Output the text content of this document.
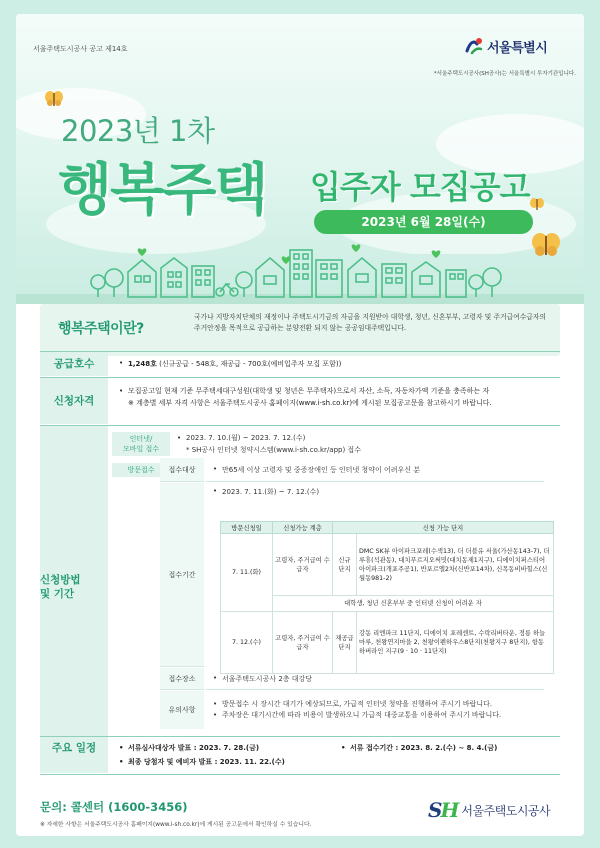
서울주택도시공사 공고 제14호	서울특별시
*서울주택도시공사(SH공사)는 서울특별시 투자기관입니다.
2023년 1차
행복주택 입주자 모집공고
2023년 6월 28일(수)
행복주택이란?
국가나 지방자치단체의 재정이나 주택도시기금의 자금을 지원받아 대학생, 청년, 신혼부부, 고령자 및 주거급여수급자의 주거안정을 목적으로 공급하는 분양전환 되지 않는 공공임대주택입니다.
공급호수	• 1,248호 (신규공급 - 548호, 재공급 - 700호(예비입주자 모집 포함))
신청자격
• 모집공고일 현재 기준 무주택세대구성원(대학생 및 청년은 무주택자)으로서 자산, 소득, 자동차가액 기준을 충족하는 자
※ 계층별 세부 자격 사항은 서울주택도시공사 홈페이지(www.i-sh.co.kr)에 게시된 모집공고문을 참고하시기 바랍니다.
신청방법
및 기간
인터넷/
모바일 접수
• 2023. 7. 10.(월) ~ 2023. 7. 12.(수)
* SH공사 인터넷 청약시스템(www.i-sh.co.kr/app) 접수
방문접수	접수대상	• 만65세 이상 고령자 및 중증장애인 등 인터넷 청약이 어려우신 분
접수기간
• 2023. 7. 11.(화) ~ 7. 12.(수)
접수장소	• 서울주택도시공사 2층 대강당
유의사항
• 방문접수 시 장시간 대기가 예상되므로, 가급적 인터넷 청약을 진행하여 주시기 바랍니다.
• 주차장은 대기시간에 따라 비용이 발생하오니 가급적 대중교통을 이용하여 주시기 바랍니다.
방문신청일	신청가능 계층	신청 가능 단지	
7. 11.(화)	고령자, 주거급여 수급자	신규 단지	DMC SK뷰 아이파크포레(수색13), 더 더블유 서울(가산동143-7), 더루휴(석관동), 대치푸르지오써밋(대치동제1지구), 디에이치퍼스티어아이파크(개포주공1), 반포르엘2차(신반포14차), 신목동비바힐스(신월동981-2)
	대학생, 청년 신혼부부 중 인터넷 신청이 어려운 자		
7. 12.(수)	고령자, 주거급여 수급자	재공급 단지	강동 리엔파크 11단지, 디에이치 포레센트, 수락리버타운, 정릉 하늘마루, 천왕연지마을 2, 천왕이펜하우스8단지(천왕지구 8단지), 항동 하버라인 지구(9 · 10 · 11단지)
주요 일정	• 서류심사대상자 발표 : 2023. 7. 28.(금)	• 서류 접수기간 : 2023. 8. 2.(수) ~ 8. 4.(금)
• 최종 당첨자 및 예비자 발표 : 2023. 11. 22.(수)
문의: 콜센터 (1600-3456)
※ 자세한 사항은 서울주택도시공사 홈페이지(www.i-sh.co.kr)에 게시된 공고문에서 확인하실 수 있습니다.
SH 서울주택도시공사
